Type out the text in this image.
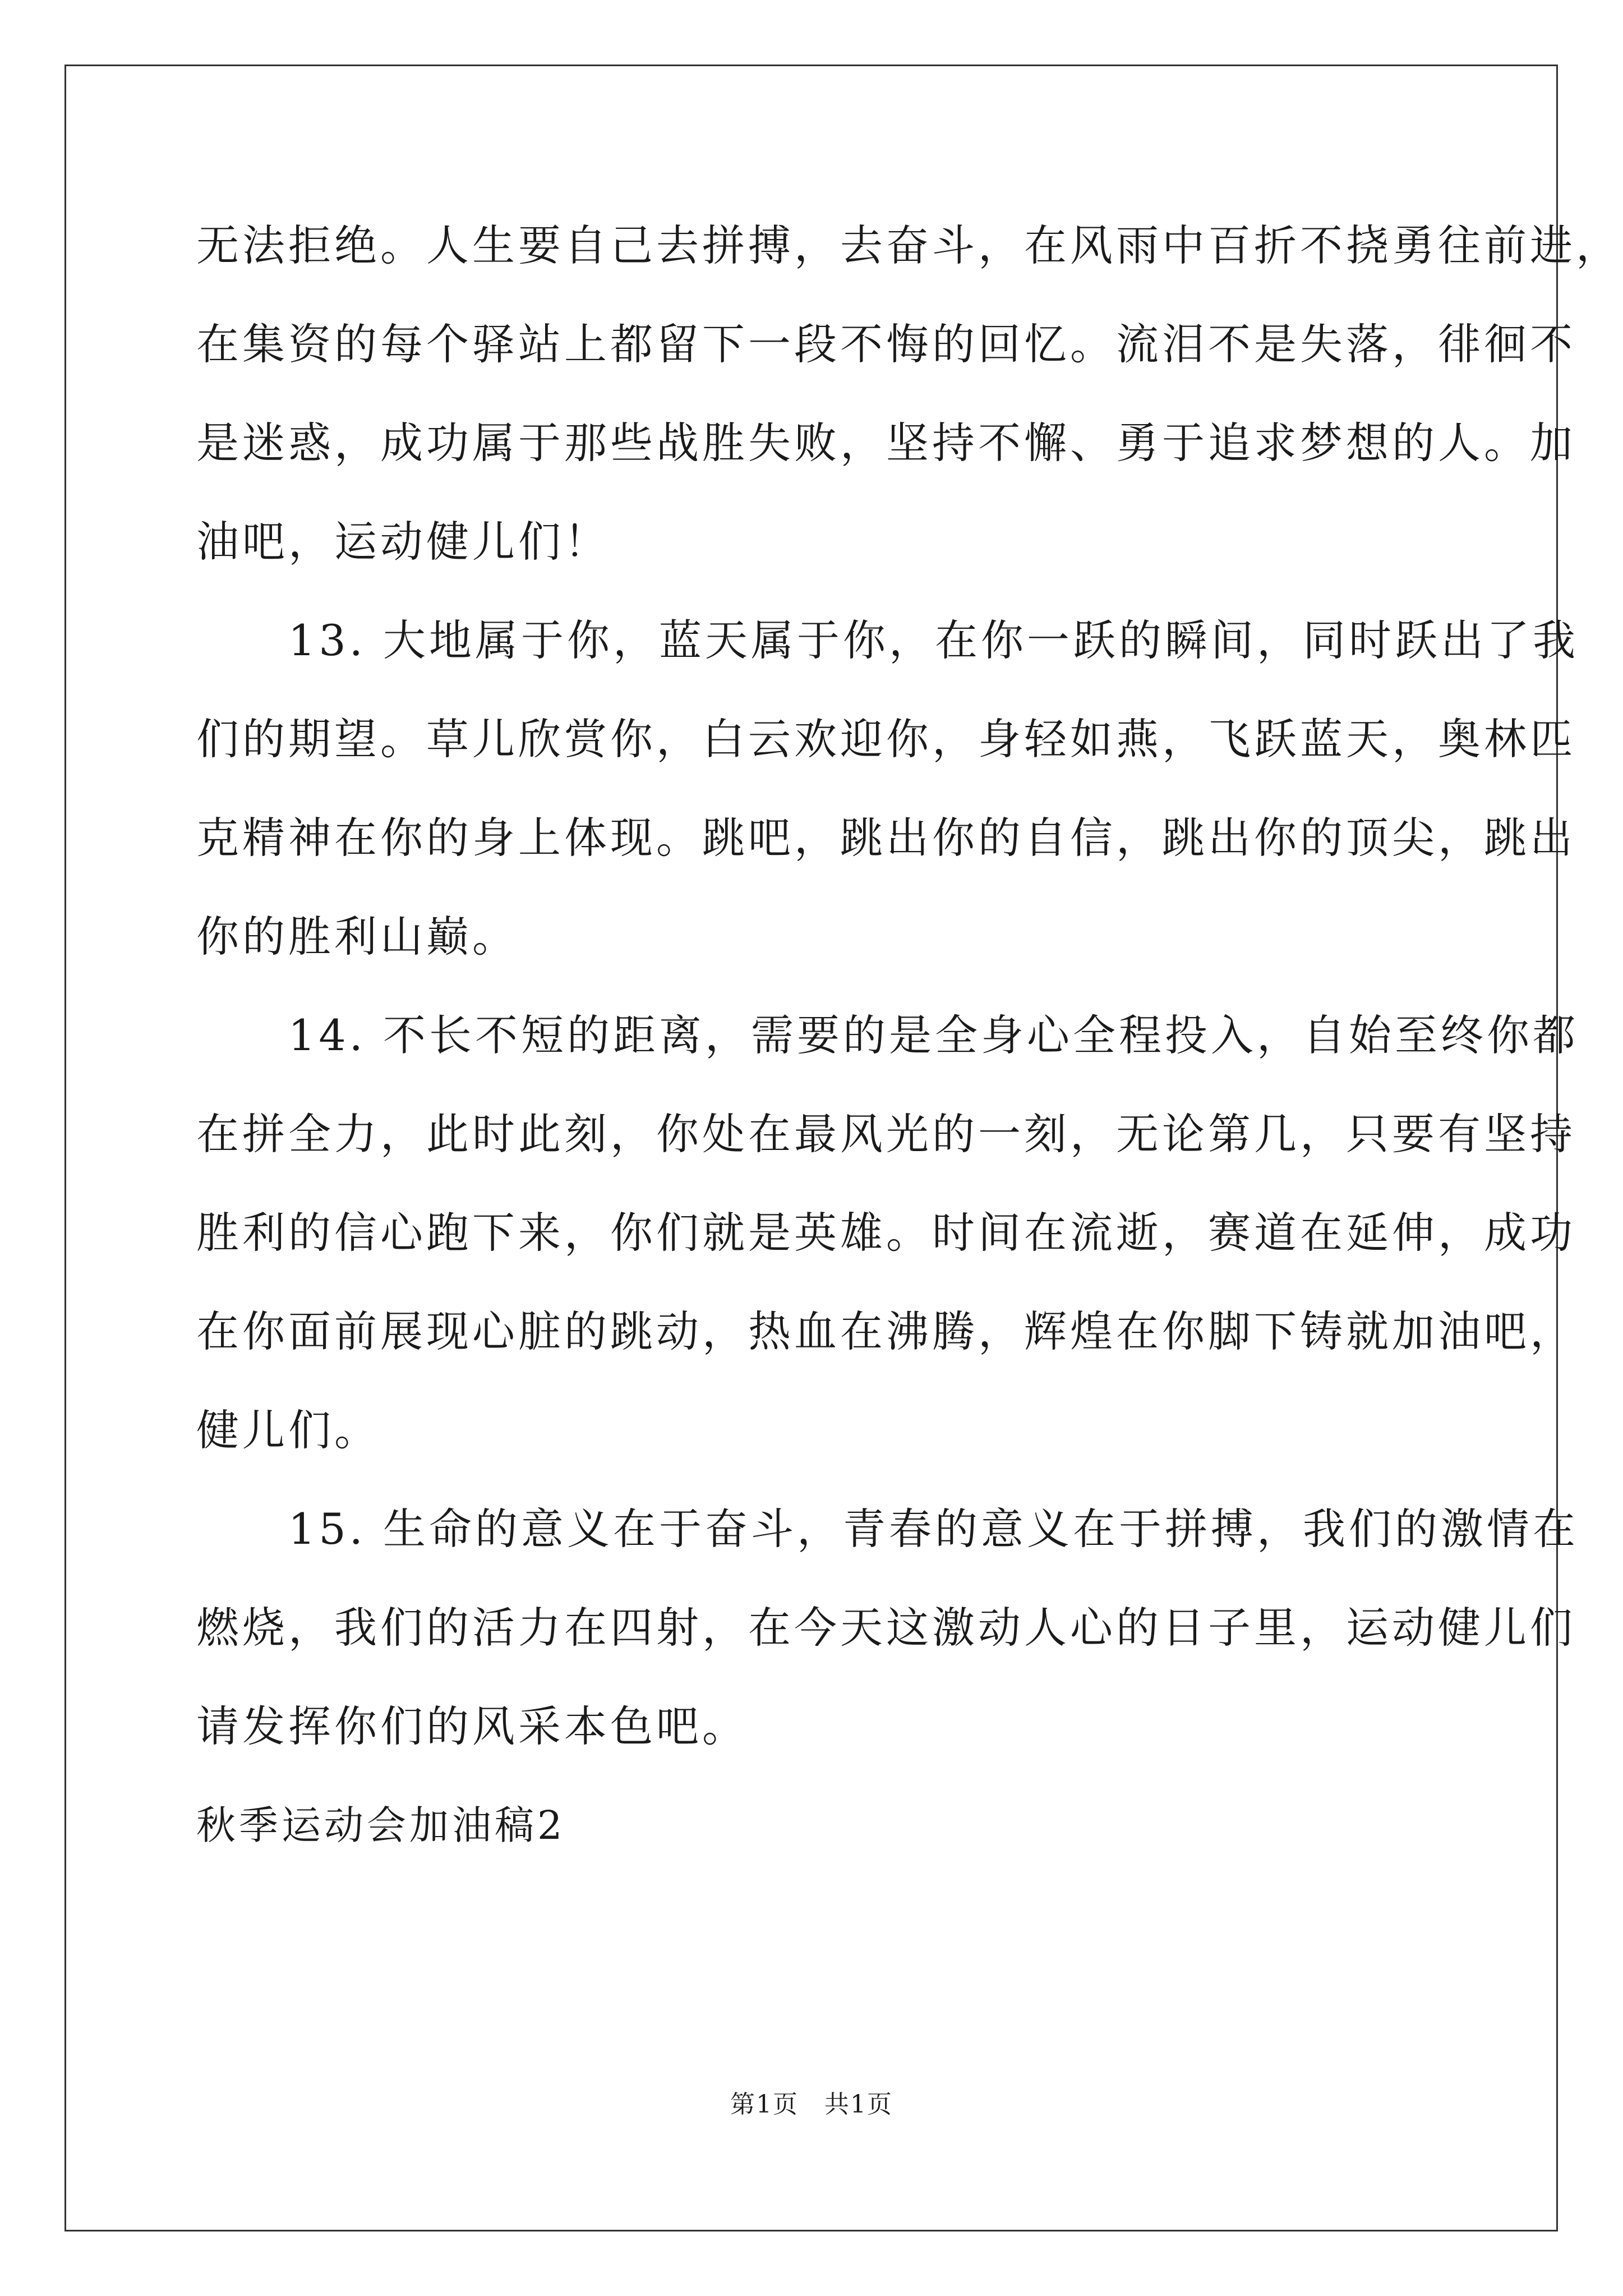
无法拒绝。人生要自己去拼搏，去奋斗，在风雨中百折不挠勇往前进，

在集资的每个驿站上都留下一段不悔的回忆。流泪不是失落，徘徊不

是迷惑，成功属于那些战胜失败，坚持不懈、勇于追求梦想的人。加

油吧，运动健儿们！

　　13. 大地属于你，蓝天属于你，在你一跃的瞬间，同时跃出了我

们的期望。草儿欣赏你，白云欢迎你，身轻如燕，飞跃蓝天，奥林匹

克精神在你的身上体现。跳吧，跳出你的自信，跳出你的顶尖，跳出

你的胜利山巅。

　　14. 不长不短的距离，需要的是全身心全程投入，自始至终你都

在拼全力，此时此刻，你处在最风光的一刻，无论第几，只要有坚持

胜利的信心跑下来，你们就是英雄。时间在流逝，赛道在延伸，成功

在你面前展现心脏的跳动，热血在沸腾，辉煌在你脚下铸就加油吧，

健儿们。

　　15. 生命的意义在于奋斗，青春的意义在于拼搏，我们的激情在

燃烧，我们的活力在四射，在今天这激动人心的日子里，运动健儿们

请发挥你们的风采本色吧。

秋季运动会加油稿2

第1页　共1页
